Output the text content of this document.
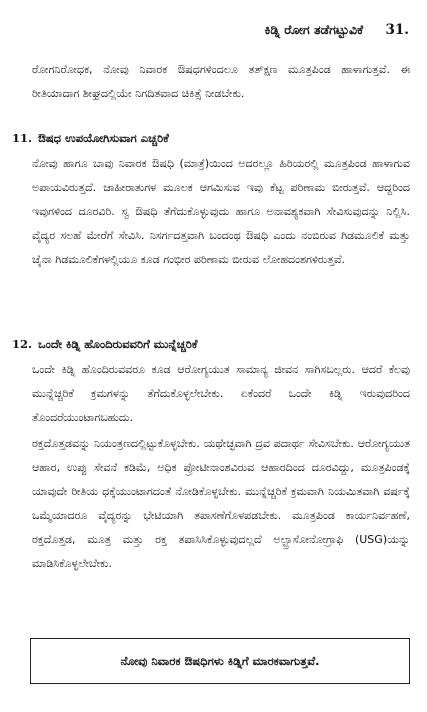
ಕಿಡ್ನಿ ರೋಗ ತಡೆಗಟ್ಟುವಿಕೆ 31.

ರೋಗನಿರೋಧಕ, ನೋವು ನಿವಾರಕ ಔಷಧಗಳಿಂದಲೂ ತತ್‌ಕ್ಷಣ ಮೂತ್ರಪಿಂಡ ಹಾಳಾಗುತ್ತವೆ. ಈ ರೀತಿಯಾದಾಗ ಶೀಘ್ರದಲ್ಲಿಯೇ ನಿಗದಿತವಾದ ಚಿಕಿತ್ಸೆ ನೀಡಬೇಕು.

11. ಔಷಧ ಉಪಯೋಗಿಸುವಾಗ ಎಚ್ಚರಿಕೆ

ನೋವು ಹಾಗೂ ಬಾವು ನಿವಾರಕ ಔಷಧಿ (ಮಾತ್ರೆ)ಯಿಂದ ಅದರಲ್ಲೂ ಹಿರಿಯರಲ್ಲಿ ಮೂತ್ರಪಿಂಡ ಹಾಳಾಗುವ ಅಪಾಯವಿರುತ್ತದೆ. ಜಾಹೀರಾತುಗಳ ಮೂಲಕ ಆಗಮಿಸುವ ಇವು ಕೆಟ್ಟ ಪರಿಣಾಮ ಬೀರುತ್ತವೆ. ಆದ್ದರಿಂದ ಇವುಗಳಿಂದ ದೂರವಿರಿ. ಸ್ವ ಔಷಧಿ ತೆಗೆದುಕೊಳ್ಳುವುದು ಹಾಗೂ ಅನಾವಶ್ಯಕವಾಗಿ ಸೇವಿಸುವುದನ್ನು ನಿಲ್ಲಿಸಿ. ವೈದ್ಯರ ಸಲಹೆ ಮೇರೆಗೆ ಸೇವಿಸಿ. ನಿಸರ್ಗದತ್ತವಾಗಿ ಬಂದಂಥ ಔಷಧಿ ಎಂದು ನಂಬಿರುವ ಗಿಡಮೂಲಿಕೆ ಮತ್ತು ಚೈನಾ ಗಿಡಮೂಲಿಕೆಗಳಲ್ಲಿಯೂ ಕೂಡ ಗಂಭೀರ ಪರಿಣಾಮ ಬೀರುವ ಲೋಹದಂಶಗಳಿರುತ್ತವೆ.

12. ಒಂದೇ ಕಿಡ್ನಿ ಹೊಂದಿರುವವರಿಗೆ ಮುನ್ನೆಚ್ಚರಿಕೆ

ಒಂದೇ ಕಿಡ್ನಿ ಹೊಂದಿರುವವರೂ ಕೂಡ ಆರೋಗ್ಯಯುತ ಸಾಮಾನ್ಯ ಜೀವನ ಸಾಗಿಸಬಲ್ಲರು. ಆದರೆ ಕೆಲವು ಮುನ್ನೆಚ್ಚರಿಕೆ ಕ್ರಮಗಳನ್ನು ತೆಗೆದುಕೊಳ್ಳಲೇಬೇಕು. ಏಕೆಂದರೆ ಒಂದೇ ಕಿಡ್ನಿ ಇರುವುದರಿಂದ ತೊಂದರೆಯುಂಟಾಗಬಹುದು.

ರಕ್ತದೊತ್ತಡವನ್ನು ನಿಯಂತ್ರಣದಲ್ಲಿಟ್ಟುಕೊಳ್ಳಬೇಕು. ಯಥೇಚ್ಛವಾಗಿ ದ್ರವ ಪದಾರ್ಥ ಸೇವಿಸಬೇಕು. ಆರೋಗ್ಯಯುತ ಆಹಾರ, ಉಪ್ಪು ಸೇವನೆ ಕಡಿಮೆ, ಅಧಿಕ ಪ್ರೋಟೀನಾಂಶವಿರುವ ಆಹಾರದಿಂದ ದೂರವಿದ್ದು, ಮೂತ್ರಪಿಂಡಕ್ಕೆ ಯಾವುದೇ ರೀತಿಯ ಧಕ್ಕೆಯುಂಟಾಗದಂತೆ ನೋಡಿಕೊಳ್ಳಬೇಕು. ಮುನ್ನೆಚ್ಚರಿಕೆ ಕ್ರಮವಾಗಿ ನಿಯಮಿತವಾಗಿ ವರ್ಷಕ್ಕೆ ಒಮ್ಮೆಯಾದರೂ ವೈದ್ಯರನ್ನು ಭೇಟಿಯಾಗಿ ತಪಾಸಣೆಗೊಳಪಡಬೇಕು. ಮೂತ್ರಪಿಂಡ ಕಾರ್ಯನಿರ್ವಹಣೆ, ರಕ್ತದೊತ್ತಡ, ಮೂತ್ರ ಮತ್ತು ರಕ್ತ ತಪಾಸಿಸಿಕೊಳ್ಳುವುದಲ್ಲದೆ ಅಲ್ಟ್ರಾಸೋನೋಗ್ರಾಫಿ (USG)ಯನ್ನು ಮಾಡಿಸಿಕೊಳ್ಳಲೇಬೇಕು.

ನೋವು ನಿವಾರಕ ಔಷಧಿಗಳು ಕಿಡ್ನಿಗೆ ಮಾರಕವಾಗುತ್ತವೆ.
